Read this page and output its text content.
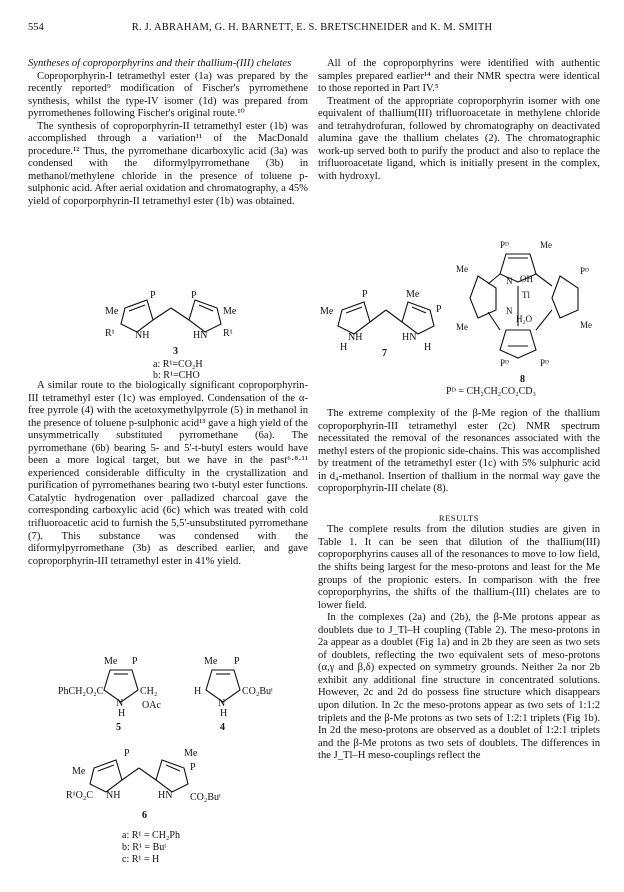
554	R. J. ABRAHAM, G. H. BARNETT, E. S. BRETSCHNEIDER and K. M. SMITH

Syntheses of coproporphyrins and their thallium-(III) chelates

Coproporphyrin-I tetramethyl ester (1a) was prepared by the recently reported⁹ modification of Fischer's pyrromethene synthesis, whilst the type-IV isomer (1d) was prepared from pyrromethenes following Fischer's original route.¹⁰

The synthesis of coproporphyrin-II tetramethyl ester (1b) was accomplished through a variation¹¹ of the MacDonald procedure.¹² Thus, the pyrromethane dicarboxylic acid (3a) was condensed with the diformylpyrromethane (3b) in methanol/methylene chloride in the presence of toluene p-sulphonic acid. After aerial oxidation and chromatography, a 45% yield of coporporphyrin-II tetramethyl ester (1b) was obtained.

A similar route to the biologically significant coproporphyrin-III tetramethyl ester (1c) was employed. Condensation of the α-free pyrrole (4) with the acetoxymethylpyrrole (5) in methanol in the presence of toluene p-sulphonic acid¹³ gave a high yield of the unsymmetrically substituted pyrromethane (6a). The pyrromethane (6b) bearing 5- and 5'-t-butyl esters would have been a more logical target, but we have in the past⁶·⁸·¹¹ experienced considerable difficulty in the crystallization and purification of pyrromethanes bearing two t-butyl ester functions. Catalytic hydrogenation over palladized charcoal gave the corresponding carboxylic acid (6c) which was treated with cold trifluoroacetic acid to furnish the 5,5'-unsubstituted pyrromethane (7). This substance was condensed with the diformylpyrromethane (3b) as described earlier, and gave coproporphyrin-III tetramethyl ester in 41% yield.

All of the coproporphyrins were identified with authentic samples prepared earlier¹⁴ and their NMR spectra were identical to those reported in Part IV.⁵

Treatment of the appropriate coproporphyrin isomer with one equivalent of thallium(III) trifluoroacetate in methylene chloride and tetrahydrofuran, followed by chromatography on deactivated alumina gave the thallium chelates (2). The chromatographic work-up served both to purify the product and also to replace the trifluoroacetate ligand, which is initially present in the complex, with hydroxyl.

The extreme complexity of the β-Me region of the thallium coproporphyrin-III tetramethyl ester (2c) NMR spectrum necessitated the removal of the resonances associated with the methyl esters of the propionic side-chains. This was accomplished by treatment of the tetramethyl ester (1c) with 5% sulphuric acid in d₄-methanol. Insertion of thallium in the normal way gave the coproporphyrin-III chelate (8).

RESULTS

The complete results from the dilution studies are given in Table 1. It can be seen that dilution of the thallium(III) coproporphyrins causes all of the resonances to move to low field, the shifts being largest for the meso-protons and least for the Me groups of the propionic esters. In comparison with the free coproporphyrins, the shifts of the thallium-(III) chelates are to lower field.

In the complexes (2a) and (2b), the β-Me protons appear as doublets due to J_Tl–H coupling (Table 2). The meso-protons in 2a appear as a doublet (Fig 1a) and in 2b they are seen as two sets of doublets, reflecting the two equivalent sets of meso-protons (α,γ and β,δ) expected on symmetry grounds. Neither 2a nor 2b exhibit any additional fine structure in concentrated solutions. However, 2c and 2d do possess fine structure which disappears upon dilution. In 2c the meso-protons appear as two sets of 1:1:2 triplets and the β-Me protons as two sets of 1:2:1 triplets (Fig 1b). In 2d the meso-protons are observed as a doublet of 1:2:1 triplets and the β-Me protons as two sets of doublets. The differences in the J_Tl–H meso-couplings reflect the

P	P
Me	Me
R¹ NH	HN R¹
3
a: R¹=CO₂H
b: R¹=CHO
Me P
PhCH₂O₂C
N
CH₂
H
OAc
5
Me P
H
N
CO₂Buᵗ
H
4
P	Me
Me	P
R¹O₂C NH	HN CO₂Buᵗ
6
a: R¹ = CH₂Ph
b: R¹ = Buᵗ
c: R¹ = H
P	Me
Me	P
NH	HN
H	H
7
Pᴰ	Me
Me	Pᴰ
N OH
Tl
N
H₂O
Me	Me
Pᴰ	Pᴰ
8
Pᴰ = CH₂CH₂CO₂CD₃
